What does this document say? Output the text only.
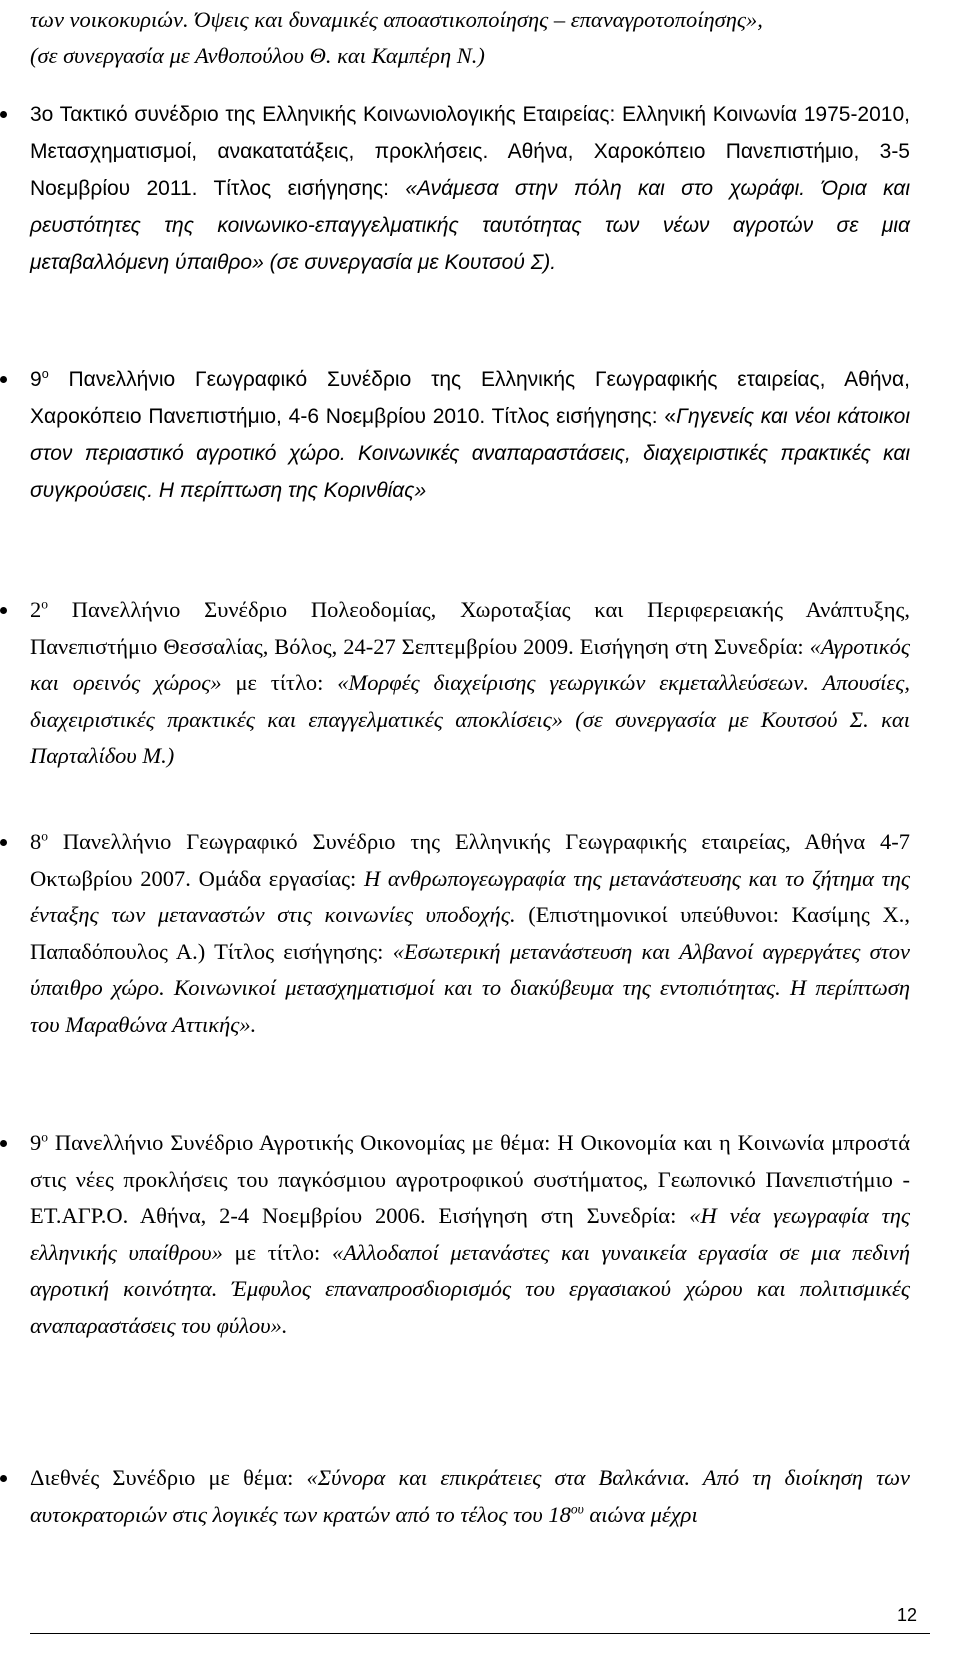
των νοικοκυριών. Όψεις και δυναμικές αποαστικοποίησης – επαναγροτοποίησης»,

(σε συνεργασία με Ανθοπούλου Θ. και Καμπέρη Ν.)

3ο Τακτικό συνέδριο της Ελληνικής Κοινωνιολογικής Εταιρείας: Ελληνική Κοινωνία 1975-2010, Μετασχηματισμοί, ανακατατάξεις, προκλήσεις. Αθήνα, Χαροκόπειο Πανεπιστήμιο, 3-5 Νοεμβρίου 2011. Τίτλος εισήγησης: «Ανάμεσα στην πόλη και στο χωράφι. Όρια και ρευστότητες της κοινωνικο-επαγγελματικής ταυτότητας των νέων αγροτών σε μια μεταβαλλόμενη ύπαιθρο» (σε συνεργασία με Κουτσού Σ).

$9^o$ Πανελλήνιο Γεωγραφικό Συνέδριο της Ελληνικής Γεωγραφικής εταιρείας, Αθήνα, Χαροκόπειο Πανεπιστήμιο, 4-6 Νοεμβρίου 2010. Τίτλος εισήγησης: «Γηγενείς και νέοι κάτοικοι στον περιαστικό αγροτικό χώρο. Κοινωνικές αναπαραστάσεις, διαχειριστικές πρακτικές και συγκρούσεις. Η περίπτωση της Κορινθίας»

$2^o$ Πανελλήνιο Συνέδριο Πολεοδομίας, Χωροταξίας και Περιφερειακής Ανάπτυξης, Πανεπιστήμιο Θεσσαλίας, Βόλος, 24-27 Σεπτεμβρίου 2009. Εισήγηση στη Συνεδρία: «Αγροτικός και ορεινός χώρος» με τίτλο: «Μορφές διαχείρισης γεωργικών εκμεταλλεύσεων. Απουσίες, διαχειριστικές πρακτικές και επαγγελματικές αποκλίσεις» (σε συνεργασία με Κουτσού Σ. και Παρταλίδου Μ.)

$8^o$ Πανελλήνιο Γεωγραφικό Συνέδριο της Ελληνικής Γεωγραφικής εταιρείας, Αθήνα 4-7 Οκτωβρίου 2007. Ομάδα εργασίας: Η ανθρωπογεωγραφία της μετανάστευσης και το ζήτημα της ένταξης των μεταναστών στις κοινωνίες υποδοχής. (Επιστημονικοί υπεύθυνοι: Κασίμης Χ., Παπαδόπουλος Α.) Τίτλος εισήγησης: «Εσωτερική μετανάστευση και Αλβανοί αγρεργάτες στον ύπαιθρο χώρο. Κοινωνικοί μετασχηματισμοί και το διακύβευμα της εντοπιότητας. Η περίπτωση του Μαραθώνα Αττικής».

$9^o$ Πανελλήνιο Συνέδριο Αγροτικής Οικονομίας με θέμα: Η Οικονομία και η Κοινωνία μπροστά στις νέες προκλήσεις του παγκόσμιου αγροτροφικού συστήματος, Γεωπονικό Πανεπιστήμιο - ΕΤ.ΑΓΡ.Ο. Αθήνα, 2-4 Νοεμβρίου 2006. Εισήγηση στη Συνεδρία: «Η νέα γεωγραφία της ελληνικής υπαίθρου» με τίτλο: «Αλλοδαποί μετανάστες και γυναικεία εργασία σε μια πεδινή αγροτική κοινότητα. Έμφυλος επαναπροσδιορισμός του εργασιακού χώρου και πολιτισμικές αναπαραστάσεις του φύλου».

Διεθνές Συνέδριο με θέμα: «Σύνορα και επικράτειες στα Βαλκάνια. Από τη διοίκηση των αυτοκρατοριών στις λογικές των κρατών από το τέλος του $18^{o\upsilon}$ αιώνα μέχρι

12
